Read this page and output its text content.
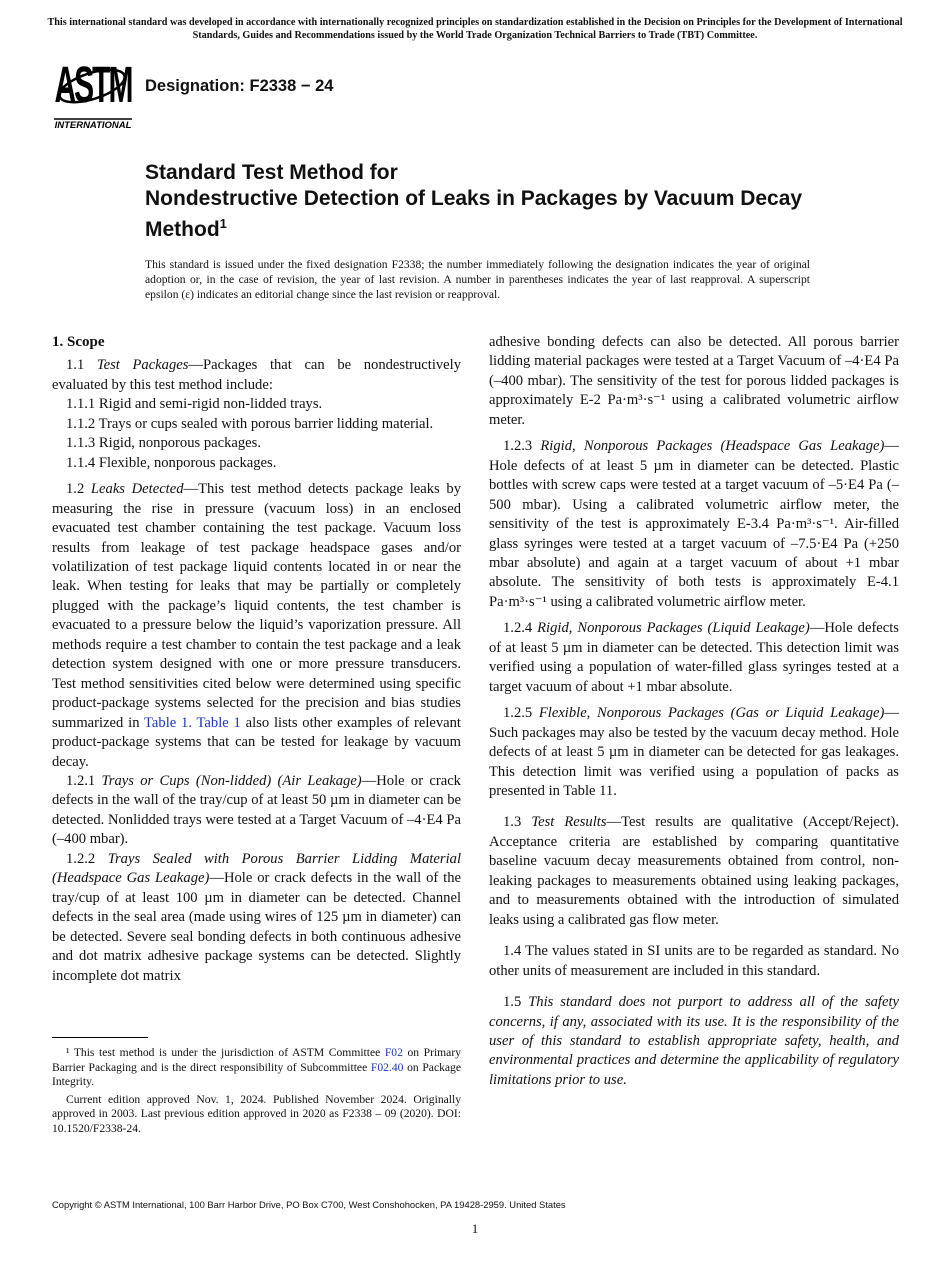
This international standard was developed in accordance with internationally recognized principles on standardization established in the Decision on Principles for the Development of International Standards, Guides and Recommendations issued by the World Trade Organization Technical Barriers to Trade (TBT) Committee.
ASTM
INTERNATIONAL
Designation: F2338 − 24
Standard Test Method for
Nondestructive Detection of Leaks in Packages by Vacuum Decay Method$^1$
This standard is issued under the fixed designation F2338; the number immediately following the designation indicates the year of original adoption or, in the case of revision, the year of last revision. A number in parentheses indicates the year of last reapproval. A superscript epsilon (ε) indicates an editorial change since the last revision or reapproval.
1. Scope

1.1 Test Packages—Packages that can be nondestructively evaluated by this test method include:

1.1.1 Rigid and semi-rigid non-lidded trays.

1.1.2 Trays or cups sealed with porous barrier lidding material.

1.1.3 Rigid, nonporous packages.

1.1.4 Flexible, nonporous packages.

1.2 Leaks Detected—This test method detects package leaks by measuring the rise in pressure (vacuum loss) in an enclosed evacuated test chamber containing the test package. Vacuum loss results from leakage of test package headspace gases and/or volatilization of test package liquid contents located in or near the leak. When testing for leaks that may be partially or completely plugged with the package’s liquid contents, the test chamber is evacuated to a pressure below the liquid’s vaporization pressure. All methods require a test chamber to contain the test package and a leak detection system designed with one or more pressure transducers. Test method sensitivities cited below were determined using specific product-package systems selected for the precision and bias studies summarized in Table 1. Table 1 also lists other examples of relevant product-package systems that can be tested for leakage by vacuum decay.

1.2.1 Trays or Cups (Non-lidded) (Air Leakage)—Hole or crack defects in the wall of the tray/cup of at least 50 µm in diameter can be detected. Nonlidded trays were tested at a Target Vacuum of –4·E4 Pa (–400 mbar).

1.2.2 Trays Sealed with Porous Barrier Lidding Material (Headspace Gas Leakage)—Hole or crack defects in the wall of the tray/cup of at least 100 µm in diameter can be detected. Channel defects in the seal area (made using wires of 125 µm in diameter) can be detected. Severe seal bonding defects in both continuous adhesive and dot matrix adhesive package systems can be detected. Slightly incomplete dot matrix

adhesive bonding defects can also be detected. All porous barrier lidding material packages were tested at a Target Vacuum of –4·E4 Pa (–400 mbar). The sensitivity of the test for porous lidded packages is approximately E-2 Pa·m³·s⁻¹ using a calibrated volumetric airflow meter.

1.2.3 Rigid, Nonporous Packages (Headspace Gas Leakage)—Hole defects of at least 5 µm in diameter can be detected. Plastic bottles with screw caps were tested at a target vacuum of –5·E4 Pa (–500 mbar). Using a calibrated volumetric airflow meter, the sensitivity of the test is approximately E-3.4 Pa·m³·s⁻¹. Air-filled glass syringes were tested at a target vacuum of –7.5·E4 Pa (+250 mbar absolute) and again at a target vacuum of about +1 mbar absolute. The sensitivity of both tests is approximately E-4.1 Pa·m³·s⁻¹ using a calibrated volumetric airflow meter.

1.2.4 Rigid, Nonporous Packages (Liquid Leakage)—Hole defects of at least 5 µm in diameter can be detected. This detection limit was verified using a population of water-filled glass syringes tested at a target vacuum of about +1 mbar absolute.

1.2.5 Flexible, Nonporous Packages (Gas or Liquid Leakage)—Such packages may also be tested by the vacuum decay method. Hole defects of at least 5 µm in diameter can be detected for gas leakages. This detection limit was verified using a population of packs as presented in Table 11.

1.3 Test Results—Test results are qualitative (Accept/Reject). Acceptance criteria are established by comparing quantitative baseline vacuum decay measurements obtained from control, non-leaking packages to measurements obtained using leaking packages, and to measurements obtained with the introduction of simulated leaks using a calibrated gas flow meter.

1.4 The values stated in SI units are to be regarded as standard. No other units of measurement are included in this standard.

1.5 This standard does not purport to address all of the safety concerns, if any, associated with its use. It is the responsibility of the user of this standard to establish appropriate safety, health, and environmental practices and determine the applicability of regulatory limitations prior to use.

¹ This test method is under the jurisdiction of ASTM Committee F02 on Primary Barrier Packaging and is the direct responsibility of Subcommittee F02.40 on Package Integrity.

Current edition approved Nov. 1, 2024. Published November 2024. Originally approved in 2003. Last previous edition approved in 2020 as F2338 – 09 (2020). DOI: 10.1520/F2338-24.

Copyright © ASTM International, 100 Barr Harbor Drive, PO Box C700, West Conshohocken, PA 19428-2959. United States
1
